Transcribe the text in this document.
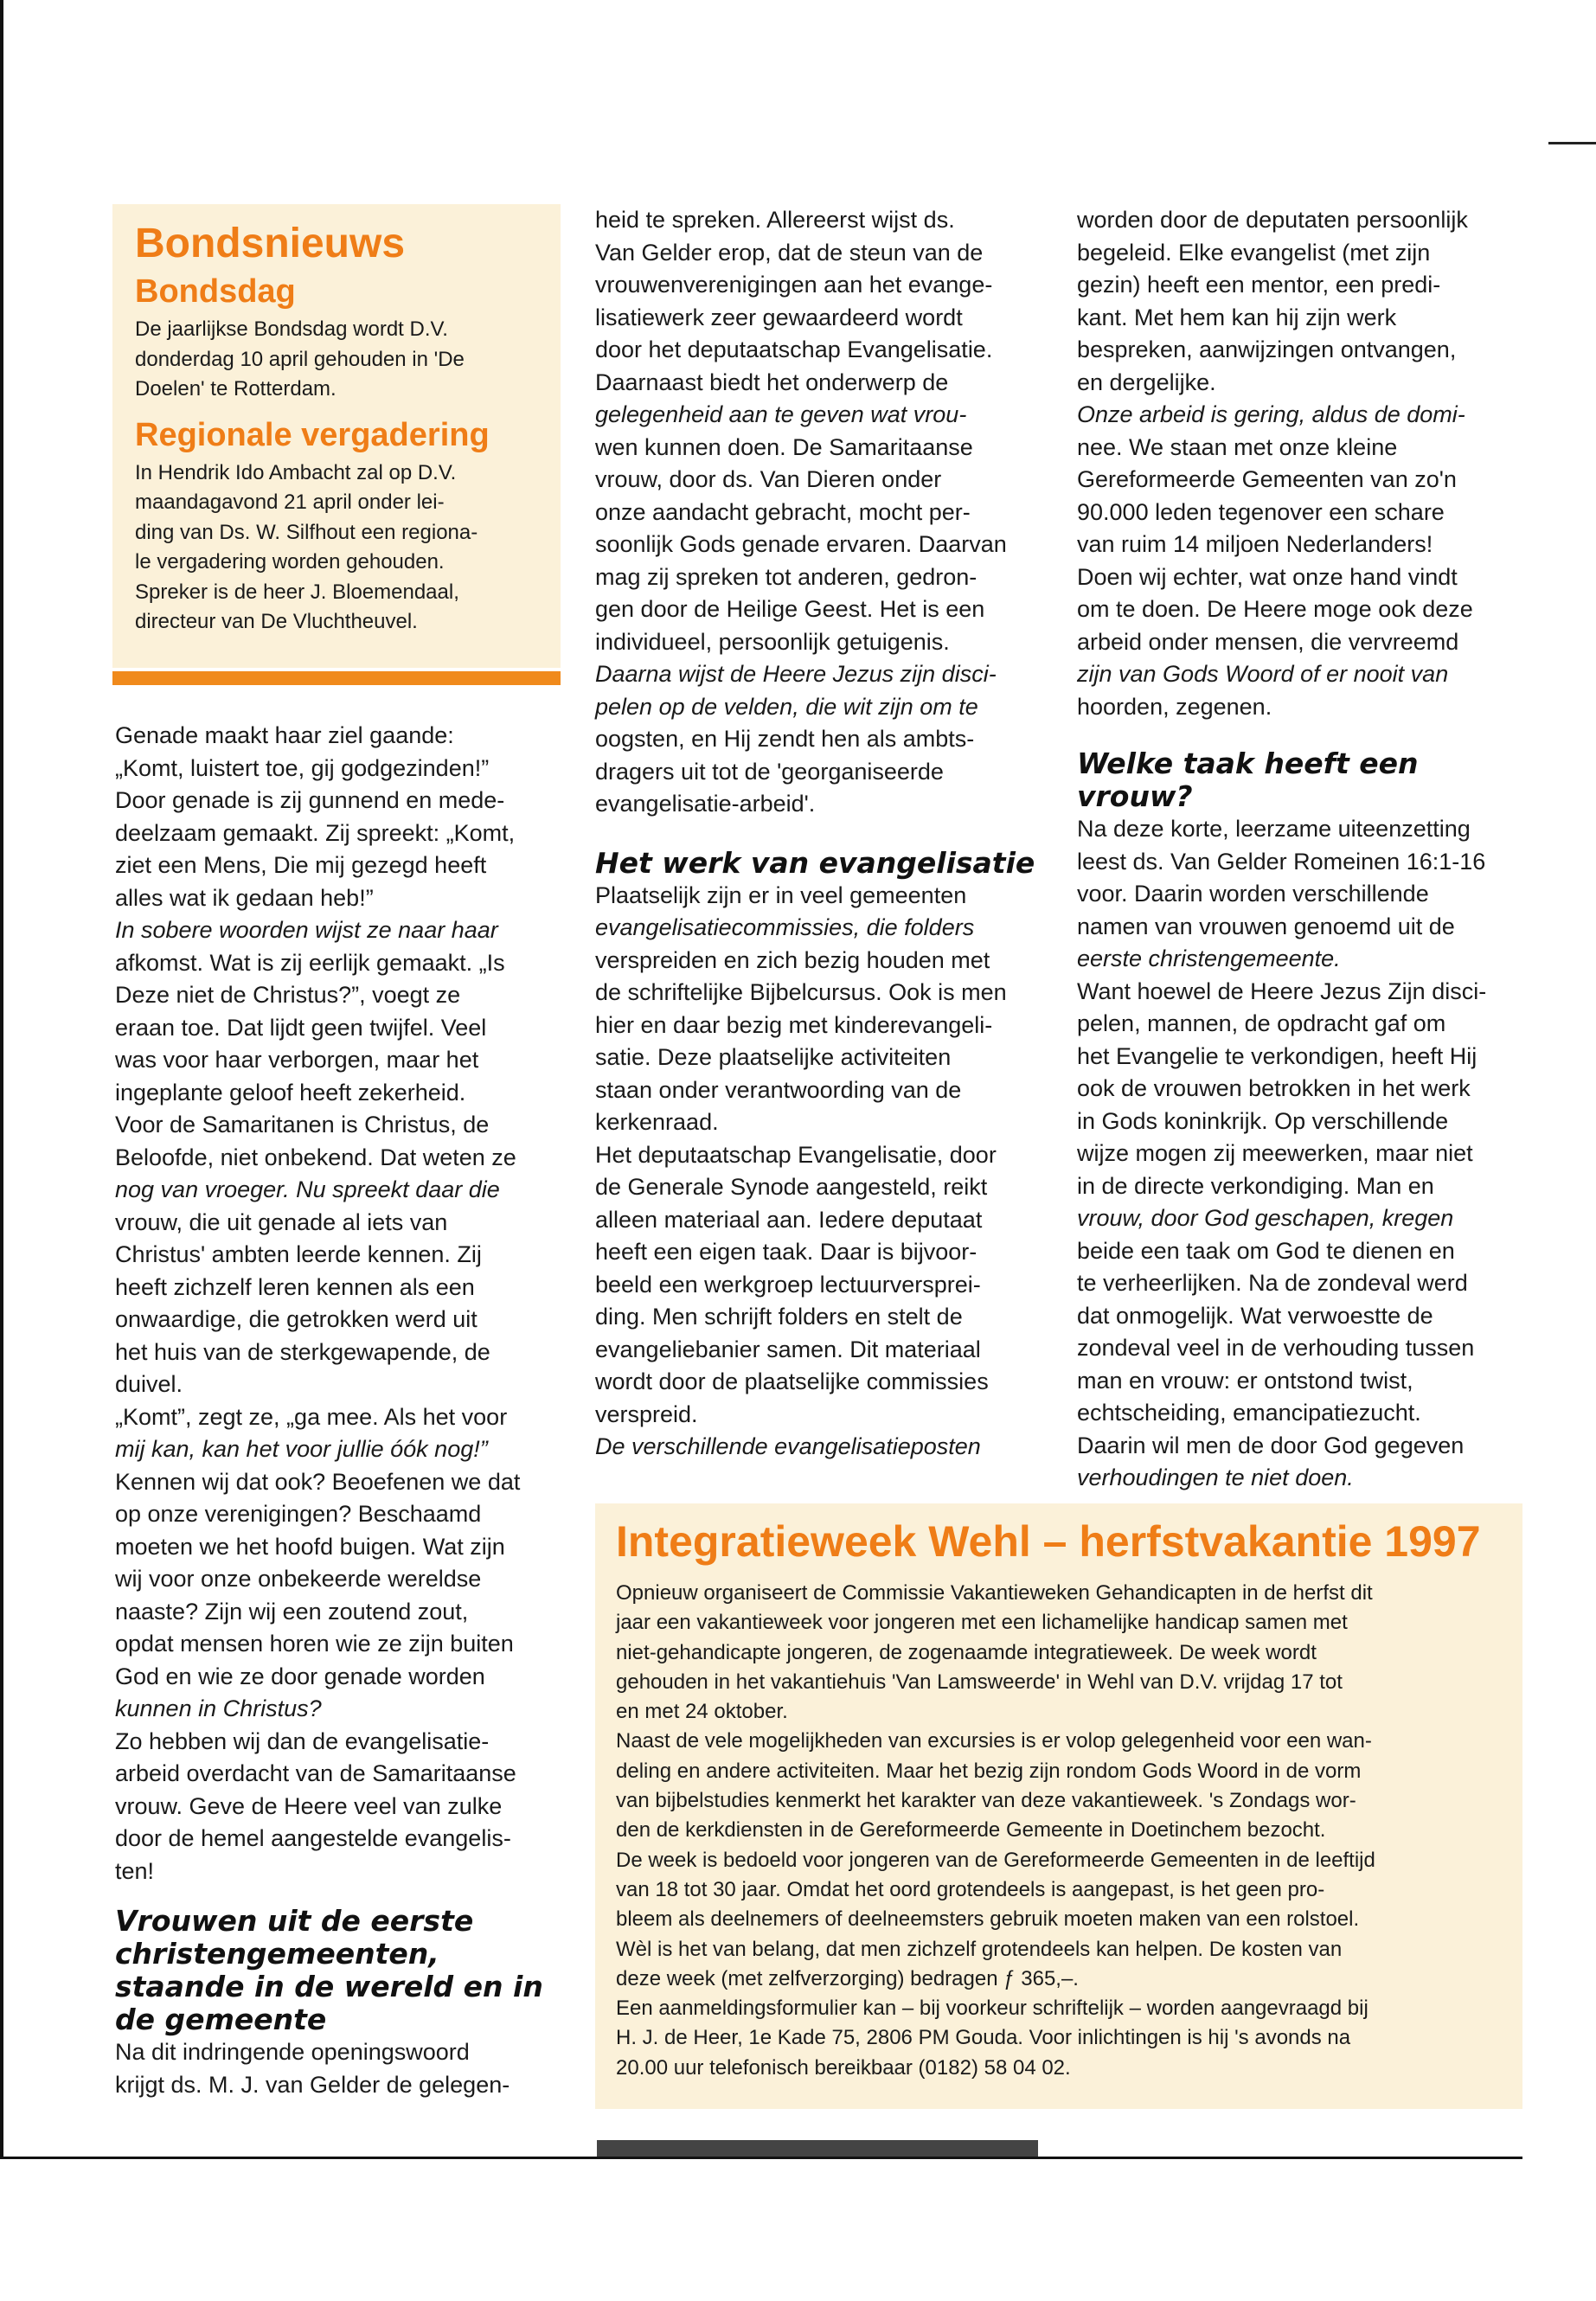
Bondsnieuws
Bondsdag
De jaarlijkse Bondsdag wordt D.V.
donderdag 10 april gehouden in 'De
Doelen' te Rotterdam.
Regionale vergadering
In Hendrik Ido Ambacht zal op D.V.
maandagavond 21 april onder lei-
ding van Ds. W. Silfhout een regiona-
le vergadering worden gehouden.
Spreker is de heer J. Bloemendaal,
directeur van De Vluchtheuvel.

Genade maakt haar ziel gaande:

„Komt, luistert toe, gij godgezinden!”

Door genade is zij gunnend en mede-

deelzaam gemaakt. Zij spreekt: „Komt,

ziet een Mens, Die mij gezegd heeft

alles wat ik gedaan heb!”

In sobere woorden wijst ze naar haar

afkomst. Wat is zij eerlijk gemaakt. „Is

Deze niet de Christus?”, voegt ze

eraan toe. Dat lijdt geen twijfel. Veel

was voor haar verborgen, maar het

ingeplante geloof heeft zekerheid.

Voor de Samaritanen is Christus, de

Beloofde, niet onbekend. Dat weten ze

nog van vroeger. Nu spreekt daar die

vrouw, die uit genade al iets van

Christus' ambten leerde kennen. Zij

heeft zichzelf leren kennen als een

onwaardige, die getrokken werd uit

het huis van de sterkgewapende, de

duivel.

„Komt”, zegt ze, „ga mee. Als het voor

mij kan, kan het voor jullie óók nog!”

Kennen wij dat ook? Beoefenen we dat

op onze verenigingen? Beschaamd

moeten we het hoofd buigen. Wat zijn

wij voor onze onbekeerde wereldse

naaste? Zijn wij een zoutend zout,

opdat mensen horen wie ze zijn buiten

God en wie ze door genade worden

kunnen in Christus?

Zo hebben wij dan de evangelisatie-

arbeid overdacht van de Samaritaanse

vrouw. Geve de Heere veel van zulke

door de hemel aangestelde evangelis-

ten!

Vrouwen uit de eerste
christengemeenten,
staande in de wereld en in
de gemeente

Na dit indringende openingswoord

krijgt ds. M. J. van Gelder de gelegen-

heid te spreken. Allereerst wijst ds.

Van Gelder erop, dat de steun van de

vrouwenverenigingen aan het evange-

lisatiewerk zeer gewaardeerd wordt

door het deputaatschap Evangelisatie.

Daarnaast biedt het onderwerp de

gelegenheid aan te geven wat vrou-

wen kunnen doen. De Samaritaanse

vrouw, door ds. Van Dieren onder

onze aandacht gebracht, mocht per-

soonlijk Gods genade ervaren. Daarvan

mag zij spreken tot anderen, gedron-

gen door de Heilige Geest. Het is een

individueel, persoonlijk getuigenis.

Daarna wijst de Heere Jezus zijn disci-

pelen op de velden, die wit zijn om te

oogsten, en Hij zendt hen als ambts-

dragers uit tot de 'georganiseerde

evangelisatie-arbeid'.

Het werk van evangelisatie

Plaatselijk zijn er in veel gemeenten

evangelisatiecommissies, die folders

verspreiden en zich bezig houden met

de schriftelijke Bijbelcursus. Ook is men

hier en daar bezig met kinderevangeli-

satie. Deze plaatselijke activiteiten

staan onder verantwoording van de

kerkenraad.

Het deputaatschap Evangelisatie, door

de Generale Synode aangesteld, reikt

alleen materiaal aan. Iedere deputaat

heeft een eigen taak. Daar is bijvoor-

beeld een werkgroep lectuurversprei-

ding. Men schrijft folders en stelt de

evangeliebanier samen. Dit materiaal

wordt door de plaatselijke commissies

verspreid.

De verschillende evangelisatieposten

worden door de deputaten persoonlijk

begeleid. Elke evangelist (met zijn

gezin) heeft een mentor, een predi-

kant. Met hem kan hij zijn werk

bespreken, aanwijzingen ontvangen,

en dergelijke.

Onze arbeid is gering, aldus de domi-

nee. We staan met onze kleine

Gereformeerde Gemeenten van zo'n

90.000 leden tegenover een schare

van ruim 14 miljoen Nederlanders!

Doen wij echter, wat onze hand vindt

om te doen. De Heere moge ook deze

arbeid onder mensen, die vervreemd

zijn van Gods Woord of er nooit van

hoorden, zegenen.

Welke taak heeft een vrouw?

Na deze korte, leerzame uiteenzetting

leest ds. Van Gelder Romeinen 16:1-16

voor. Daarin worden verschillende

namen van vrouwen genoemd uit de

eerste christengemeente.

Want hoewel de Heere Jezus Zijn disci-

pelen, mannen, de opdracht gaf om

het Evangelie te verkondigen, heeft Hij

ook de vrouwen betrokken in het werk

in Gods koninkrijk. Op verschillende

wijze mogen zij meewerken, maar niet

in de directe verkondiging. Man en

vrouw, door God geschapen, kregen

beide een taak om God te dienen en

te verheerlijken. Na de zondeval werd

dat onmogelijk. Wat verwoestte de

zondeval veel in de verhouding tussen

man en vrouw: er ontstond twist,

echtscheiding, emancipatiezucht.

Daarin wil men de door God gegeven

verhoudingen te niet doen.

Integratieweek Wehl – herfstvakantie 1997

Opnieuw organiseert de Commissie Vakantieweken Gehandicapten in de herfst dit

jaar een vakantieweek voor jongeren met een lichamelijke handicap samen met

niet-gehandicapte jongeren, de zogenaamde integratieweek. De week wordt

gehouden in het vakantiehuis 'Van Lamsweerde' in Wehl van D.V. vrijdag 17 tot

en met 24 oktober.

Naast de vele mogelijkheden van excursies is er volop gelegenheid voor een wan-

deling en andere activiteiten. Maar het bezig zijn rondom Gods Woord in de vorm

van bijbelstudies kenmerkt het karakter van deze vakantieweek. 's Zondags wor-

den de kerkdiensten in de Gereformeerde Gemeente in Doetinchem bezocht.

De week is bedoeld voor jongeren van de Gereformeerde Gemeenten in de leeftijd

van 18 tot 30 jaar. Omdat het oord grotendeels is aangepast, is het geen pro-

bleem als deelnemers of deelneemsters gebruik moeten maken van een rolstoel.

Wèl is het van belang, dat men zichzelf grotendeels kan helpen. De kosten van

deze week (met zelfverzorging) bedragen ƒ 365,–.

Een aanmeldingsformulier kan – bij voorkeur schriftelijk – worden aangevraagd bij

H. J. de Heer, 1e Kade 75, 2806 PM Gouda. Voor inlichtingen is hij 's avonds na

20.00 uur telefonisch bereikbaar (0182) 58 04 02.
